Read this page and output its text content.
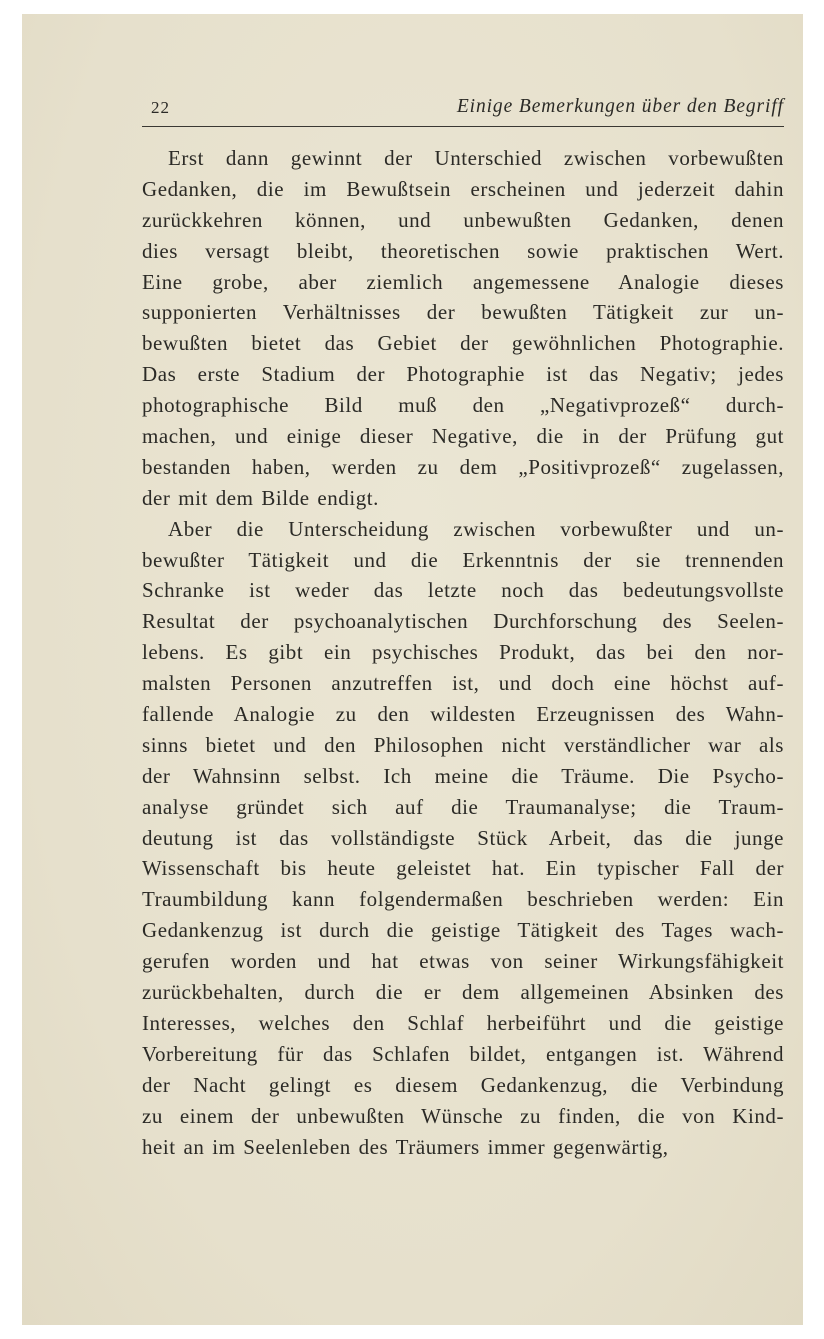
22	Einige Bemerkungen über den Begriff
Erst dann gewinnt der Unterschied zwischen vorbewußten
Gedanken, die im Bewußtsein erscheinen und jederzeit dahin
zurückkehren können, und unbewußten Gedanken, denen
dies versagt bleibt, theoretischen sowie praktischen Wert.
Eine grobe, aber ziemlich angemessene Analogie dieses
supponierten Verhältnisses der bewußten Tätigkeit zur un-
bewußten bietet das Gebiet der gewöhnlichen Photographie.
Das erste Stadium der Photographie ist das Negativ; jedes
photographische Bild muß den „Negativprozeß“ durch-
machen, und einige dieser Negative, die in der Prüfung gut
bestanden haben, werden zu dem „Positivprozeß“ zugelassen,
der mit dem Bilde endigt.
Aber die Unterscheidung zwischen vorbewußter und un-
bewußter Tätigkeit und die Erkenntnis der sie trennenden
Schranke ist weder das letzte noch das bedeutungsvollste
Resultat der psychoanalytischen Durchforschung des Seelen-
lebens. Es gibt ein psychisches Produkt, das bei den nor-
malsten Personen anzutreffen ist, und doch eine höchst auf-
fallende Analogie zu den wildesten Erzeugnissen des Wahn-
sinns bietet und den Philosophen nicht verständlicher war als
der Wahnsinn selbst. Ich meine die Träume. Die Psycho-
analyse gründet sich auf die Traumanalyse; die Traum-
deutung ist das vollständigste Stück Arbeit, das die junge
Wissenschaft bis heute geleistet hat. Ein typischer Fall der
Traumbildung kann folgendermaßen beschrieben werden: Ein
Gedankenzug ist durch die geistige Tätigkeit des Tages wach-
gerufen worden und hat etwas von seiner Wirkungsfähigkeit
zurückbehalten, durch die er dem allgemeinen Absinken des
Interesses, welches den Schlaf herbeiführt und die geistige
Vorbereitung für das Schlafen bildet, entgangen ist. Während
der Nacht gelingt es diesem Gedankenzug, die Verbindung
zu einem der unbewußten Wünsche zu finden, die von Kind-
heit an im Seelenleben des Träumers immer gegenwärtig,
